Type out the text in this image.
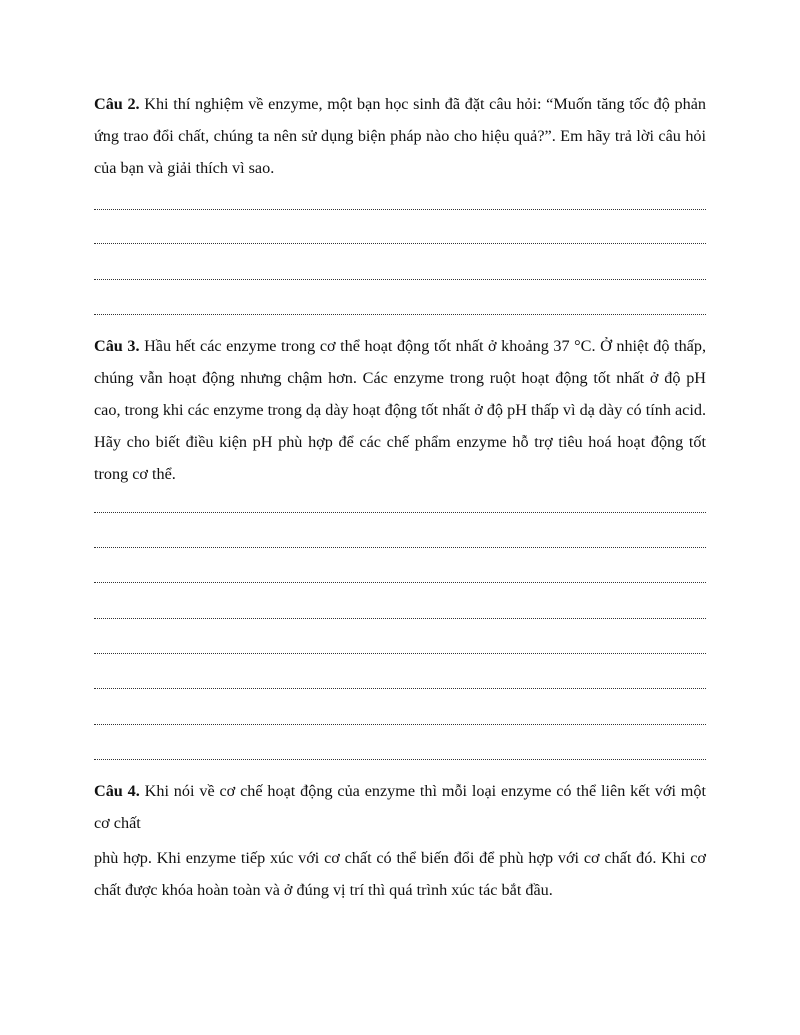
Câu 2. Khi thí nghiệm về enzyme, một bạn học sinh đã đặt câu hỏi: “Muốn tăng tốc độ phản ứng trao đổi chất, chúng ta nên sử dụng biện pháp nào cho hiệu quả?”. Em hãy trả lời câu hỏi của bạn và giải thích vì sao.
Câu 3. Hầu hết các enzyme trong cơ thể hoạt động tốt nhất ở khoảng 37 °C. Ở nhiệt độ thấp, chúng vẫn hoạt động nhưng chậm hơn. Các enzyme trong ruột hoạt động tốt nhất ở độ pH cao, trong khi các enzyme trong dạ dày hoạt động tốt nhất ở độ pH thấp vì dạ dày có tính acid. Hãy cho biết điều kiện pH phù hợp để các chế phẩm enzyme hỗ trợ tiêu hoá hoạt động tốt trong cơ thể.
Câu 4. Khi nói về cơ chế hoạt động của enzyme thì mỗi loại enzyme có thể liên kết với một cơ chất
phù hợp. Khi enzyme tiếp xúc với cơ chất có thể biến đổi để phù hợp với cơ chất đó. Khi cơ chất được khóa hoàn toàn và ở đúng vị trí thì quá trình xúc tác bắt đầu.
